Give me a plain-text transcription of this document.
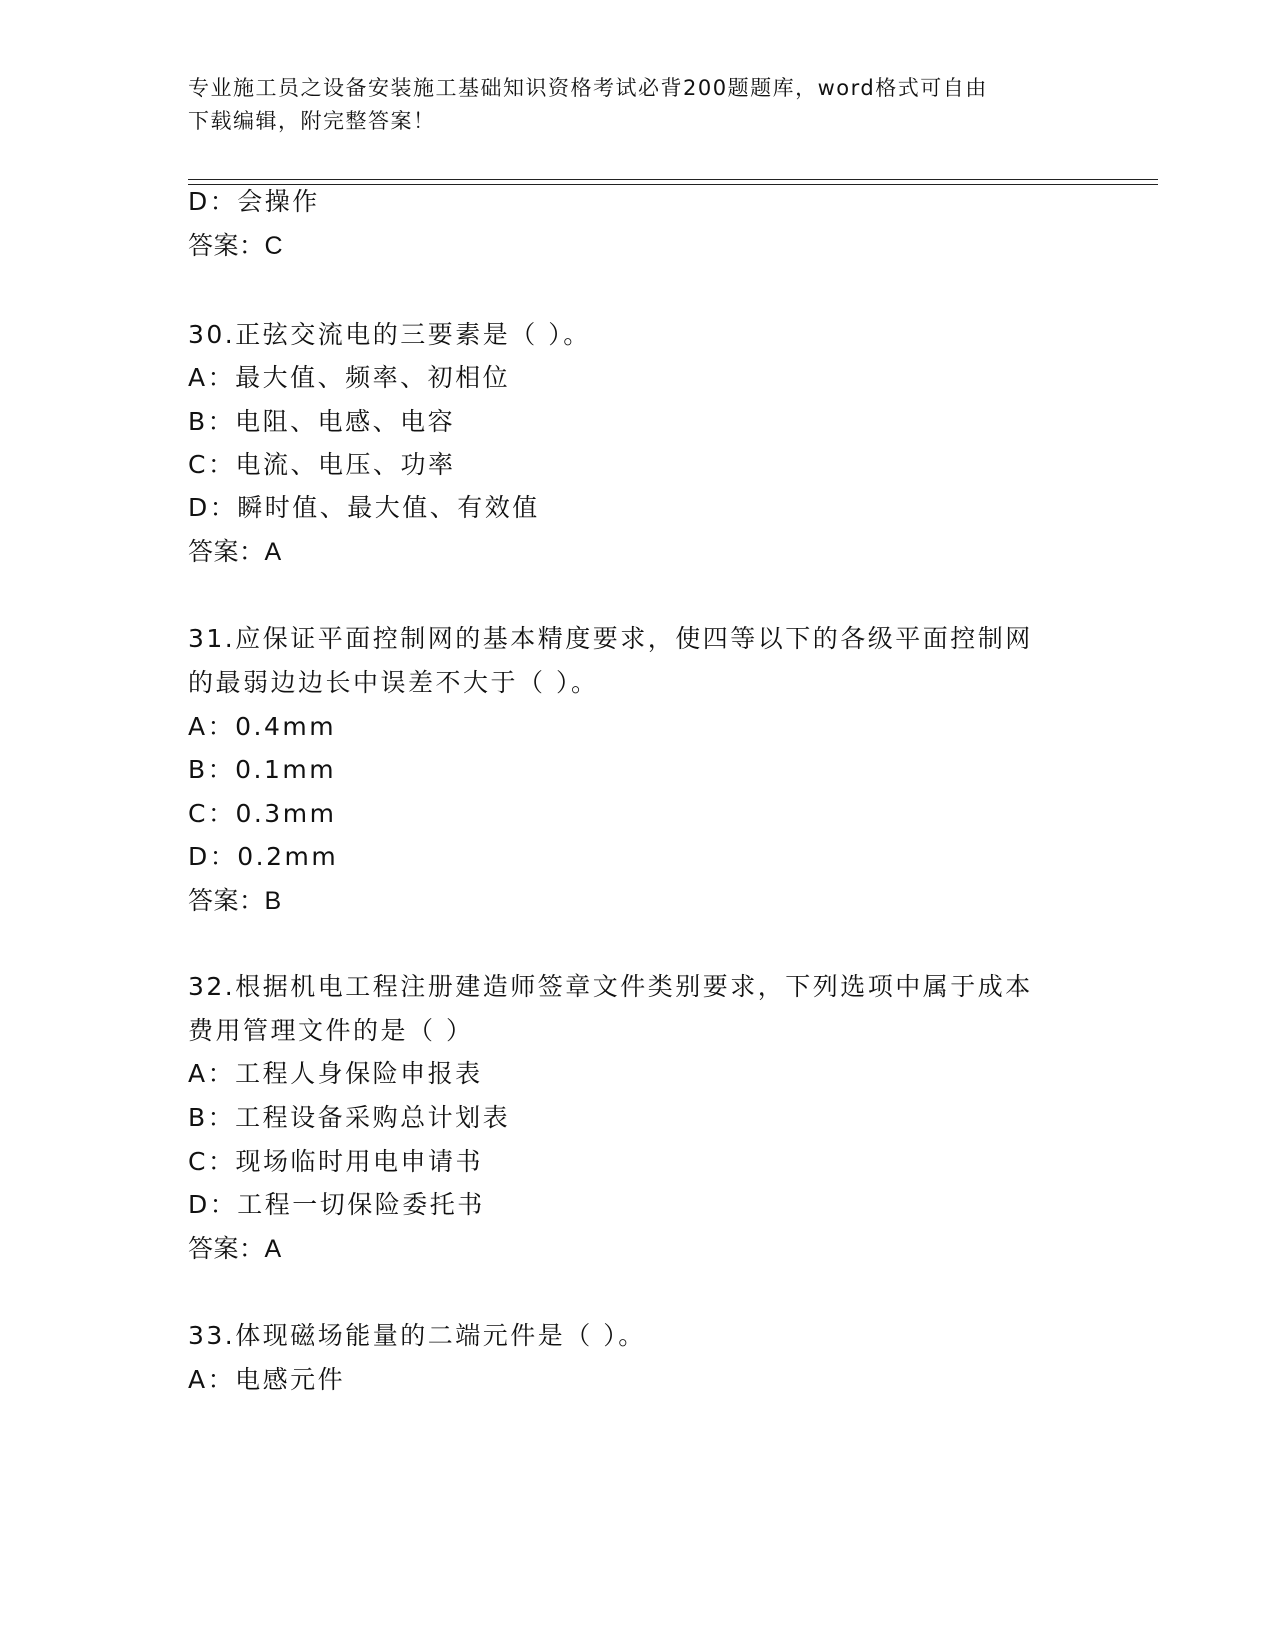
专业施工员之设备安装施工基础知识资格考试必背200题题库，word格式可自由
下载编辑，附完整答案！
D：会操作
答案：C
30.正弦交流电的三要素是（ ）。
A：最大值、频率、初相位
B：电阻、电感、电容
C：电流、电压、功率
D：瞬时值、最大值、有效值
答案：A
31.应保证平面控制网的基本精度要求，使四等以下的各级平面控制网
的最弱边边长中误差不大于（ ）。
A：0.4mm
B：0.1mm
C：0.3mm
D：0.2mm
答案：B
32.根据机电工程注册建造师签章文件类别要求，下列选项中属于成本
费用管理文件的是（ ）
A：工程人身保险申报表
B：工程设备采购总计划表
C：现场临时用电申请书
D：工程一切保险委托书
答案：A
33.体现磁场能量的二端元件是（ ）。
A：电感元件
